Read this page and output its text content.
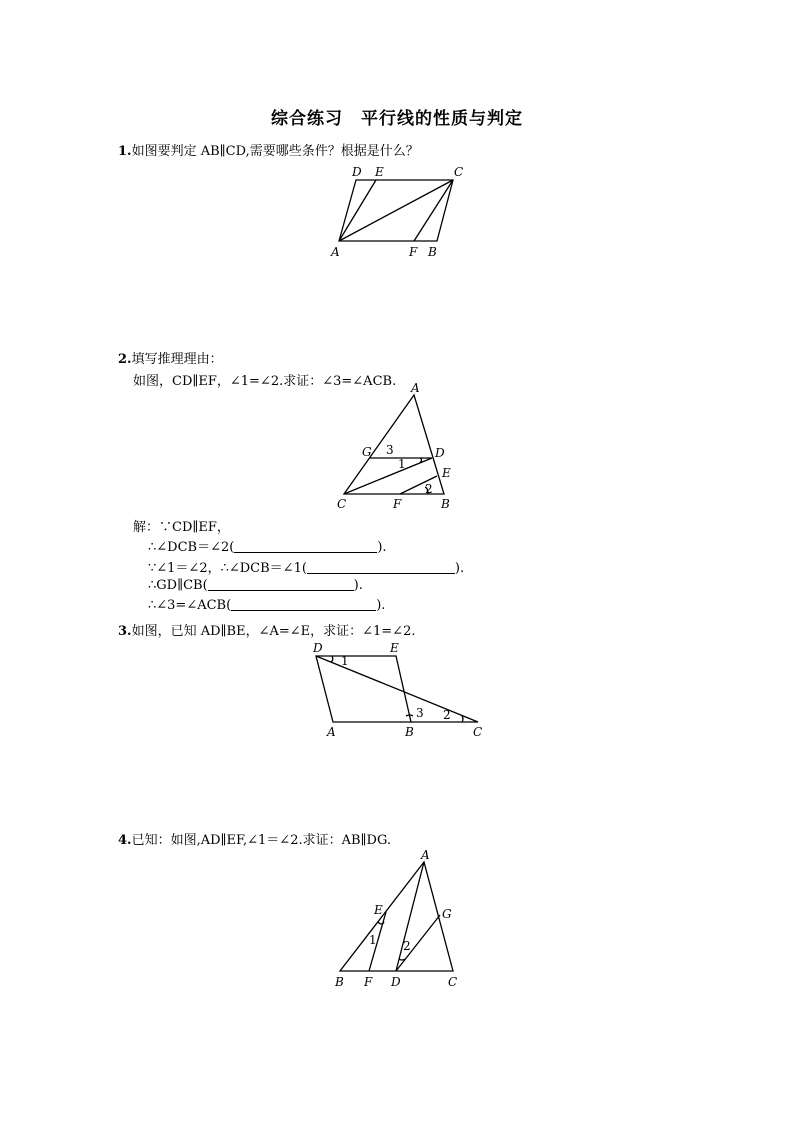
综合练习　平行线的性质与判定
1.如图要判定 AB∥CD,需要哪些条件？根据是什么？
D E	C
A	F B
2.填写推理理由：
如图，CD∥EF，∠1=∠2.求证：∠3=∠ACB. A
G	D
E
C	F	B
3
1
2
解：∵CD∥EF，
∴∠DCB＝∠2(	).
∵∠1＝∠2，∴∠DCB＝∠1(	).
∴GD∥CB(	).
∴∠3=∠ACB(	).
3.如图，已知 AD∥BE，∠A=∠E，求证：∠1=∠2.
D	E
A	B	C
1
3 2
4.已知：如图,AD∥EF,∠1＝∠2.求证：AB∥DG.
A
E	G
B F D	C
1 2
